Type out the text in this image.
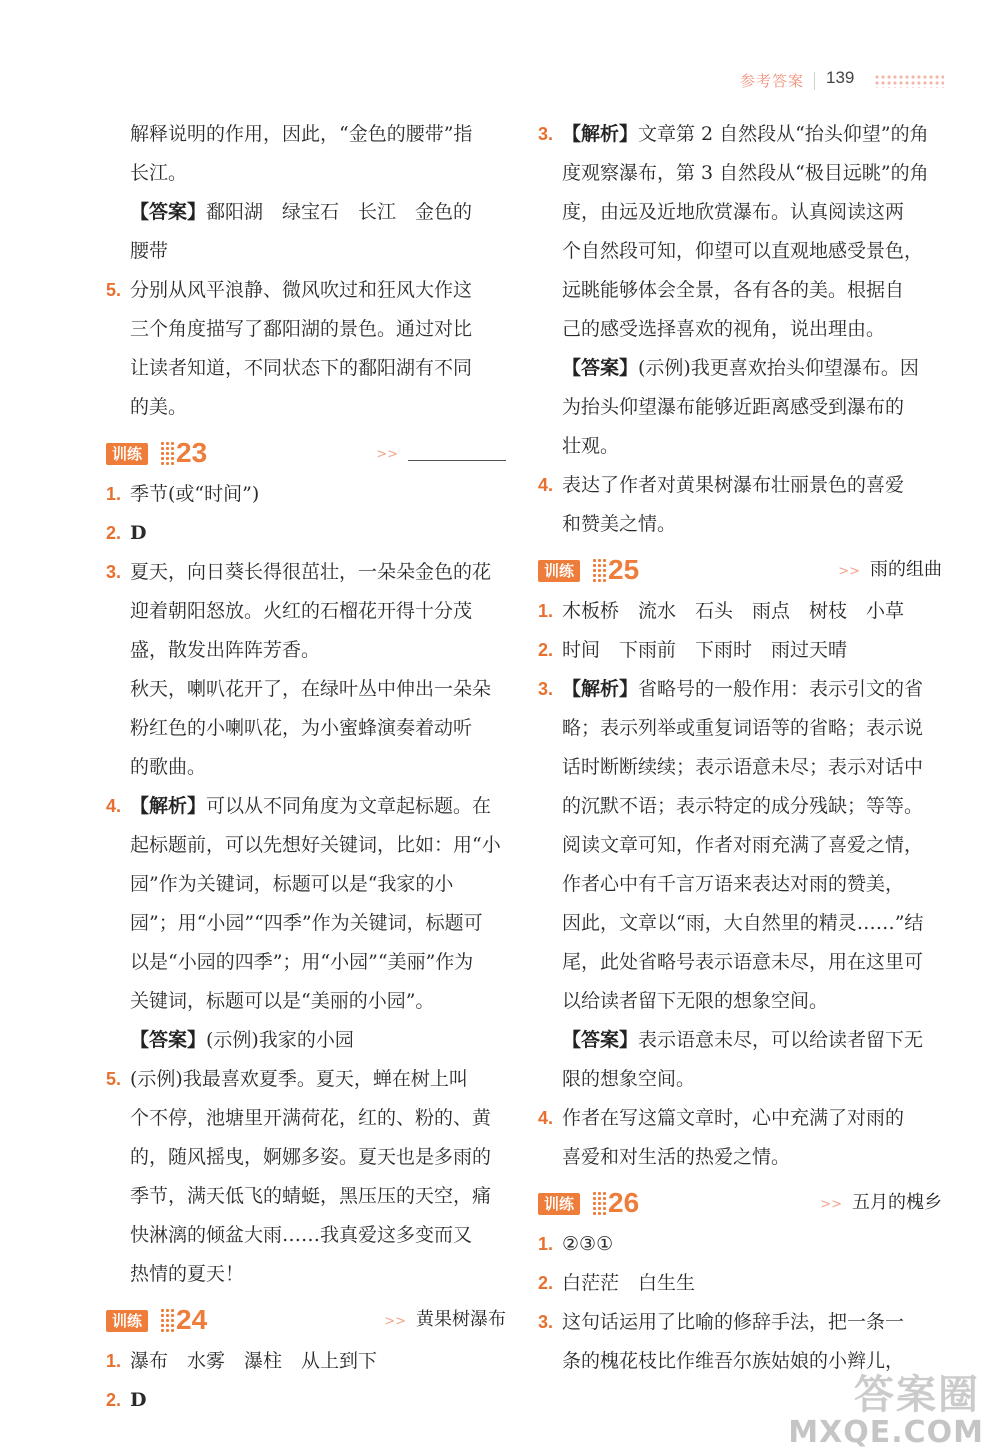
参考答案 139
解释说明的作用，因此，“金色的腰带”指
长江。
【答案】鄱阳湖　绿宝石　长江　金色的
腰带
5. 分别从风平浪静、微风吹过和狂风大作这
三个角度描写了鄱阳湖的景色。通过对比
让读者知道，不同状态下的鄱阳湖有不同
的美。
训练 23	>>
1. 季节(或“时间”)
2. D
3. 夏天，向日葵长得很茁壮，一朵朵金色的花
迎着朝阳怒放。火红的石榴花开得十分茂
盛，散发出阵阵芳香。
秋天，喇叭花开了，在绿叶丛中伸出一朵朵
粉红色的小喇叭花，为小蜜蜂演奏着动听
的歌曲。
4. 【解析】可以从不同角度为文章起标题。在
起标题前，可以先想好关键词，比如：用“小
园”作为关键词，标题可以是“我家的小
园”；用“小园”“四季”作为关键词，标题可
以是“小园的四季”；用“小园”“美丽”作为
关键词，标题可以是“美丽的小园”。
【答案】(示例)我家的小园
5. (示例)我最喜欢夏季。夏天，蝉在树上叫
个不停，池塘里开满荷花，红的、粉的、黄
的，随风摇曳，婀娜多姿。夏天也是多雨的
季节，满天低飞的蜻蜓，黑压压的天空，痛
快淋漓的倾盆大雨……我真爱这多变而又
热情的夏天！
训练 24	>> 黄果树瀑布
1. 瀑布　水雾　瀑柱　从上到下
2. D
3. 【解析】文章第 2 自然段从“抬头仰望”的角
度观察瀑布，第 3 自然段从“极目远眺”的角
度，由远及近地欣赏瀑布。认真阅读这两
个自然段可知，仰望可以直观地感受景色，
远眺能够体会全景，各有各的美。根据自
己的感受选择喜欢的视角，说出理由。
【答案】(示例)我更喜欢抬头仰望瀑布。因
为抬头仰望瀑布能够近距离感受到瀑布的
壮观。
4. 表达了作者对黄果树瀑布壮丽景色的喜爱
和赞美之情。
训练 25	>> 雨的组曲
1. 木板桥　流水　石头　雨点　树枝　小草
2. 时间　下雨前　下雨时　雨过天晴
3. 【解析】省略号的一般作用：表示引文的省
略；表示列举或重复词语等的省略；表示说
话时断断续续；表示语意未尽；表示对话中
的沉默不语；表示特定的成分残缺；等等。
阅读文章可知，作者对雨充满了喜爱之情，
作者心中有千言万语来表达对雨的赞美，
因此，文章以“雨，大自然里的精灵……”结
尾，此处省略号表示语意未尽，用在这里可
以给读者留下无限的想象空间。
【答案】表示语意未尽，可以给读者留下无
限的想象空间。
4. 作者在写这篇文章时，心中充满了对雨的
喜爱和对生活的热爱之情。
训练 26	>> 五月的槐乡
1. ②③①
2. 白茫茫　白生生
3. 这句话运用了比喻的修辞手法，把一条一
条的槐花枝比作维吾尔族姑娘的小辫儿，
答案圈
MXQE.COM
